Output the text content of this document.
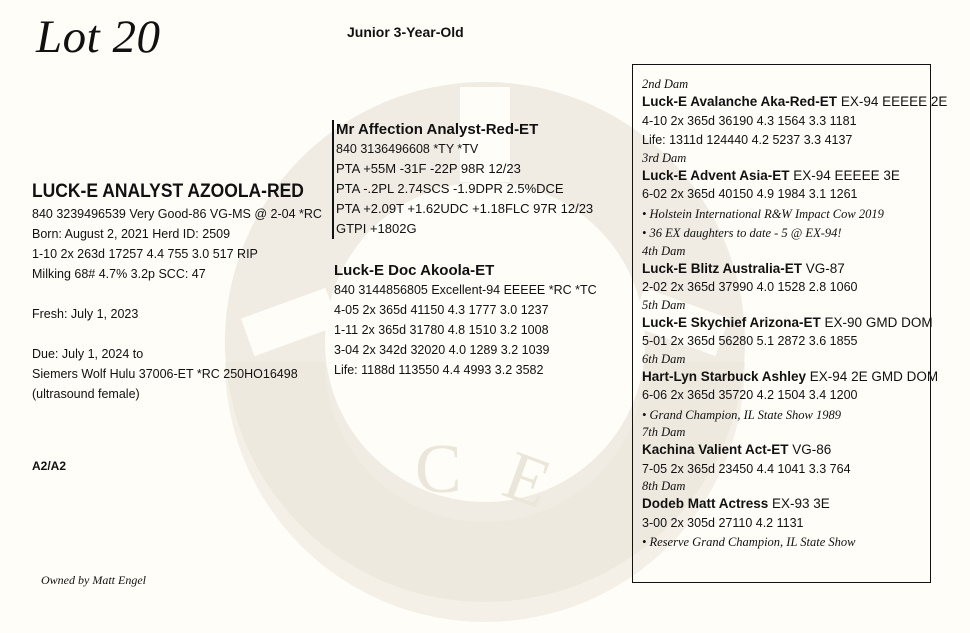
C E
Lot 20	Junior 3-Year-Old
LUCK-E ANALYST AZOOLA-RED
840 3239496539 Very Good-86 VG-MS @ 2-04 *RC
Born: August 2, 2021 Herd ID: 2509
1-10 2x 263d 17257 4.4 755 3.0 517 RIP
Milking 68# 4.7% 3.2p SCC: 47
Fresh: July 1, 2023
Due: July 1, 2024 to
Siemers Wolf Hulu 37006-ET *RC 250HO16498
(ultrasound female)
Mr Affection Analyst-Red-ET
840 3136496608 *TY *TV
PTA +55M -31F -22P 98R 12/23
PTA -.2PL 2.74SCS -1.9DPR 2.5%DCE
PTA +2.09T +1.62UDC +1.18FLC 97R 12/23
GTPI +1802G
Luck-E Doc Akoola-ET
840 3144856805 Excellent-94 EEEEE *RC *TC
4-05 2x 365d 41150 4.3 1777 3.0 1237
1-11 2x 365d 31780 4.8 1510 3.2 1008
3-04 2x 342d 32020 4.0 1289 3.2 1039
Life: 1188d 113550 4.4 4993 3.2 3582
2nd Dam
Luck-E Avalanche Aka-Red-ET EX-94 EEEEE 2E
4-10 2x 365d 36190 4.3 1564 3.3 1181
Life: 1311d 124440 4.2 5237 3.3 4137
3rd Dam
Luck-E Advent Asia-ET EX-94 EEEEE 3E
6-02 2x 365d 40150 4.9 1984 3.1 1261
• Holstein International R&W Impact Cow 2019
• 36 EX daughters to date - 5 @ EX-94!
4th Dam
Luck-E Blitz Australia-ET VG-87
2-02 2x 365d 37990 4.0 1528 2.8 1060
5th Dam
Luck-E Skychief Arizona-ET EX-90 GMD DOM
5-01 2x 365d 56280 5.1 2872 3.6 1855
6th Dam
Hart-Lyn Starbuck Ashley EX-94 2E GMD DOM
6-06 2x 365d 35720 4.2 1504 3.4 1200
• Grand Champion, IL State Show 1989
7th Dam
Kachina Valient Act-ET VG-86
7-05 2x 365d 23450 4.4 1041 3.3 764
8th Dam
Dodeb Matt Actress EX-93 3E
3-00 2x 305d 27110 4.2 1131
• Reserve Grand Champion, IL State Show
A2/A2
Owned by Matt Engel
